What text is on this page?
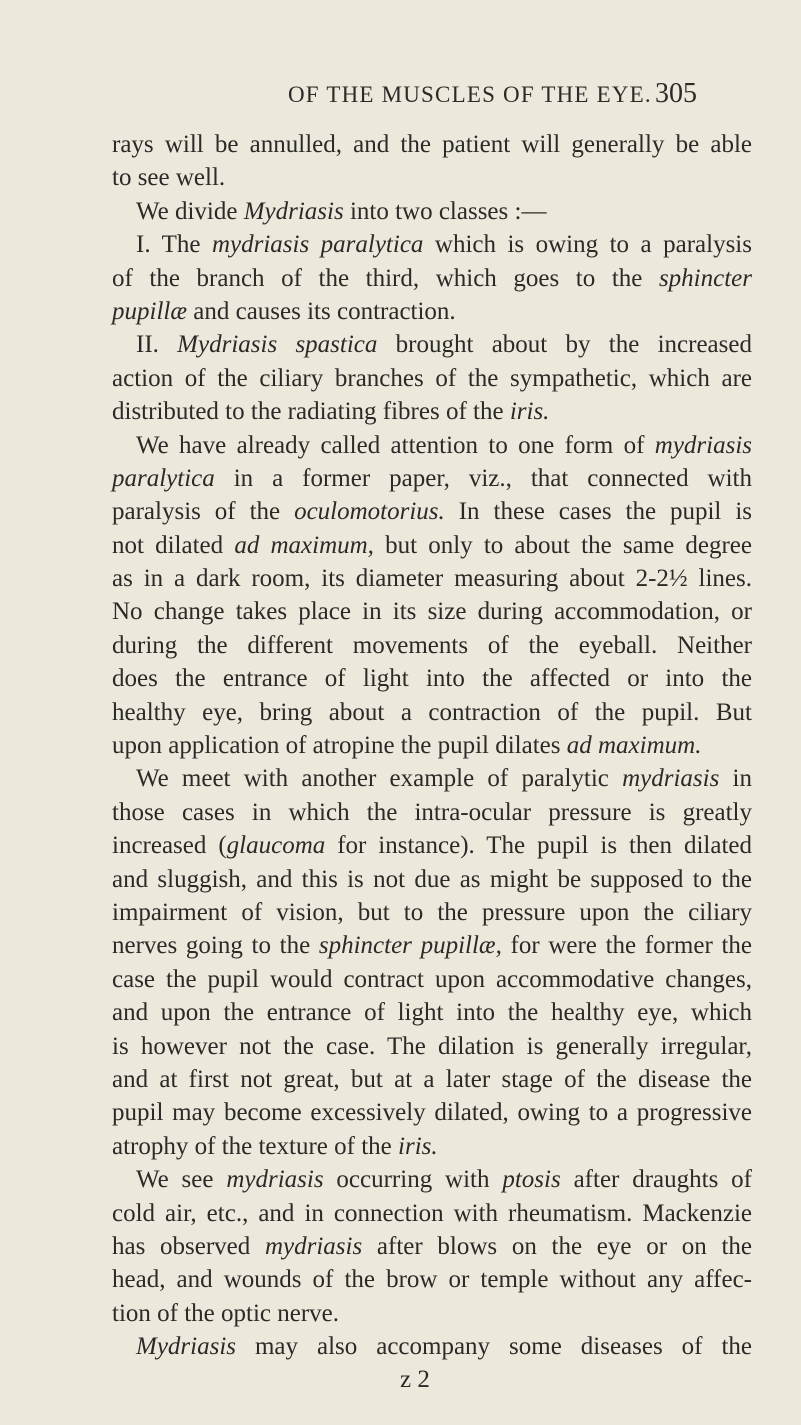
OF THE MUSCLES OF THE EYE. 305
rays will be annulled, and the patient will generally be able
to see well.
We divide Mydriasis into two classes :—
I. The mydriasis paralytica which is owing to a paralysis
of the branch of the third, which goes to the sphincter
pupillæ and causes its contraction.
II. Mydriasis spastica brought about by the increased
action of the ciliary branches of the sympathetic, which are
distributed to the radiating fibres of the iris.
We have already called attention to one form of mydriasis
paralytica in a former paper, viz., that connected with
paralysis of the oculomotorius. In these cases the pupil is
not dilated ad maximum, but only to about the same degree
as in a dark room, its diameter measuring about 2-2½ lines.
No change takes place in its size during accommodation, or
during the different movements of the eyeball. Neither
does the entrance of light into the affected or into the
healthy eye, bring about a contraction of the pupil. But
upon application of atropine the pupil dilates ad maximum.
We meet with another example of paralytic mydriasis in
those cases in which the intra-ocular pressure is greatly
increased (glaucoma for instance). The pupil is then dilated
and sluggish, and this is not due as might be supposed to the
impairment of vision, but to the pressure upon the ciliary
nerves going to the sphincter pupillæ, for were the former the
case the pupil would contract upon accommodative changes,
and upon the entrance of light into the healthy eye, which
is however not the case. The dilation is generally irregular,
and at first not great, but at a later stage of the disease the
pupil may become excessively dilated, owing to a progressive
atrophy of the texture of the iris.
We see mydriasis occurring with ptosis after draughts of
cold air, etc., and in connection with rheumatism. Mackenzie
has observed mydriasis after blows on the eye or on the
head, and wounds of the brow or temple without any affec-
tion of the optic nerve.
Mydriasis may also accompany some diseases of the
z 2
